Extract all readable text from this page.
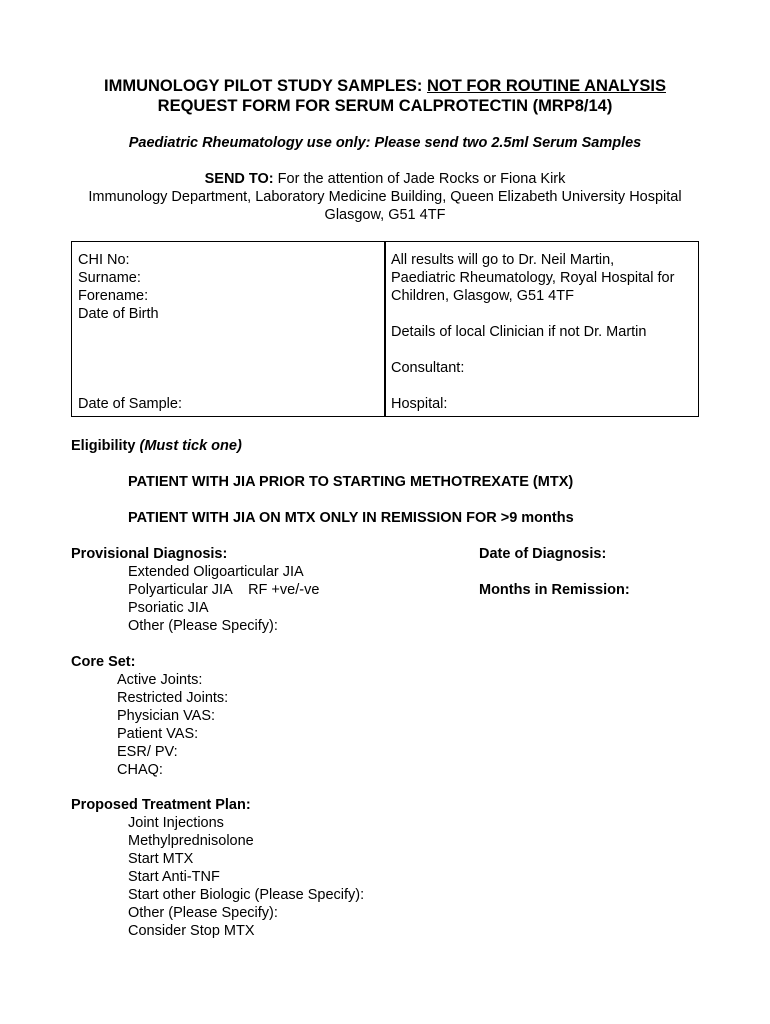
IMMUNOLOGY PILOT STUDY SAMPLES: NOT FOR ROUTINE ANALYSIS
REQUEST FORM FOR SERUM CALPROTECTIN (MRP8/14)
Paediatric Rheumatology use only: Please send two 2.5ml Serum Samples
SEND TO: For the attention of Jade Rocks or Fiona Kirk
Immunology Department, Laboratory Medicine Building, Queen Elizabeth University Hospital
Glasgow, G51 4TF
CHI No:
Surname:
Forename:
Date of Birth
Date of Sample:
All results will go to Dr. Neil Martin,
Paediatric Rheumatology, Royal Hospital for
Children, Glasgow, G51 4TF
Details of local Clinician if not Dr. Martin
Consultant:
Hospital:
Eligibility (Must tick one)
PATIENT WITH JIA PRIOR TO STARTING METHOTREXATE (MTX)
PATIENT WITH JIA ON MTX ONLY IN REMISSION FOR >9 months
Provisional Diagnosis:
Extended Oligoarticular JIA
Polyarticular JIA    RF +ve/-ve
Psoriatic JIA
Other (Please Specify):
Date of Diagnosis:
Months in Remission:
Core Set:
Active Joints:
Restricted Joints:
Physician VAS:
Patient VAS:
ESR/ PV:
CHAQ:
Proposed Treatment Plan:
Joint Injections
Methylprednisolone
Start MTX
Start Anti-TNF
Start other Biologic (Please Specify):
Other (Please Specify):
Consider Stop MTX
